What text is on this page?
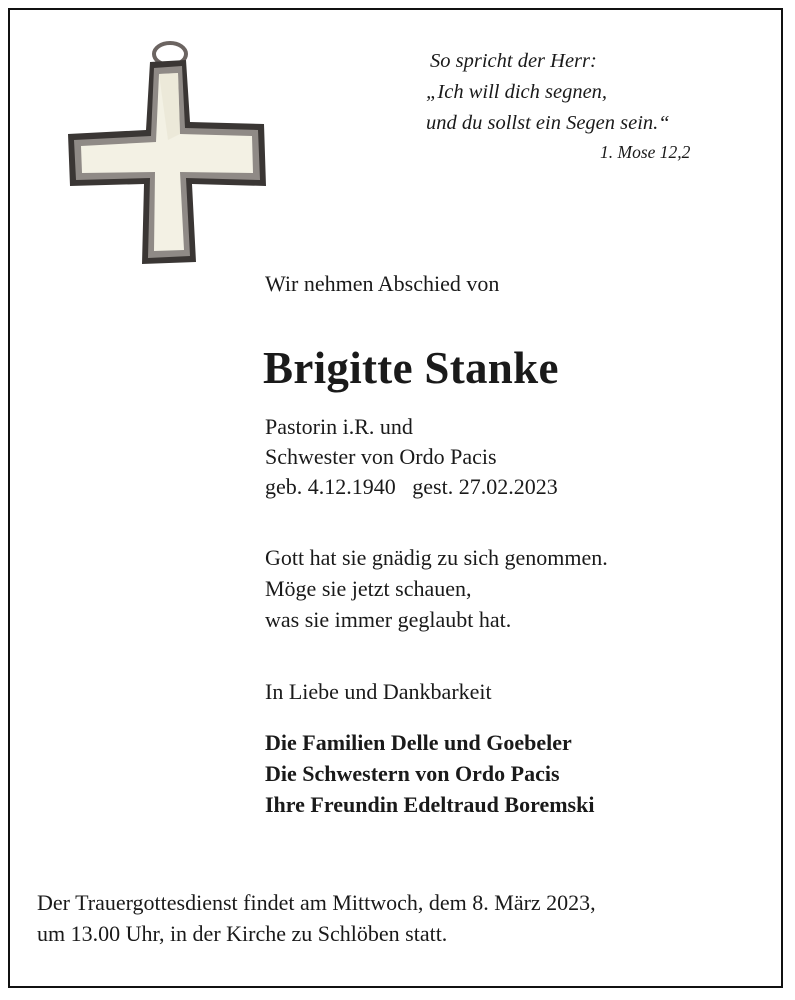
So spricht der Herr:
„Ich will dich segnen,
und du sollst ein Segen sein.“
1. Mose 12,2
Wir nehmen Abschied von
Brigitte Stanke
Pastorin i.R. und
Schwester von Ordo Pacis
geb. 4.12.1940   gest. 27.02.2023
Gott hat sie gnädig zu sich genommen.
Möge sie jetzt schauen,
was sie immer geglaubt hat.
In Liebe und Dankbarkeit
Die Familien Delle und Goebeler
Die Schwestern von Ordo Pacis
Ihre Freundin Edeltraud Boremski
Der Trauergottesdienst findet am Mittwoch, dem 8. März 2023,
um 13.00 Uhr, in der Kirche zu Schlöben statt.
